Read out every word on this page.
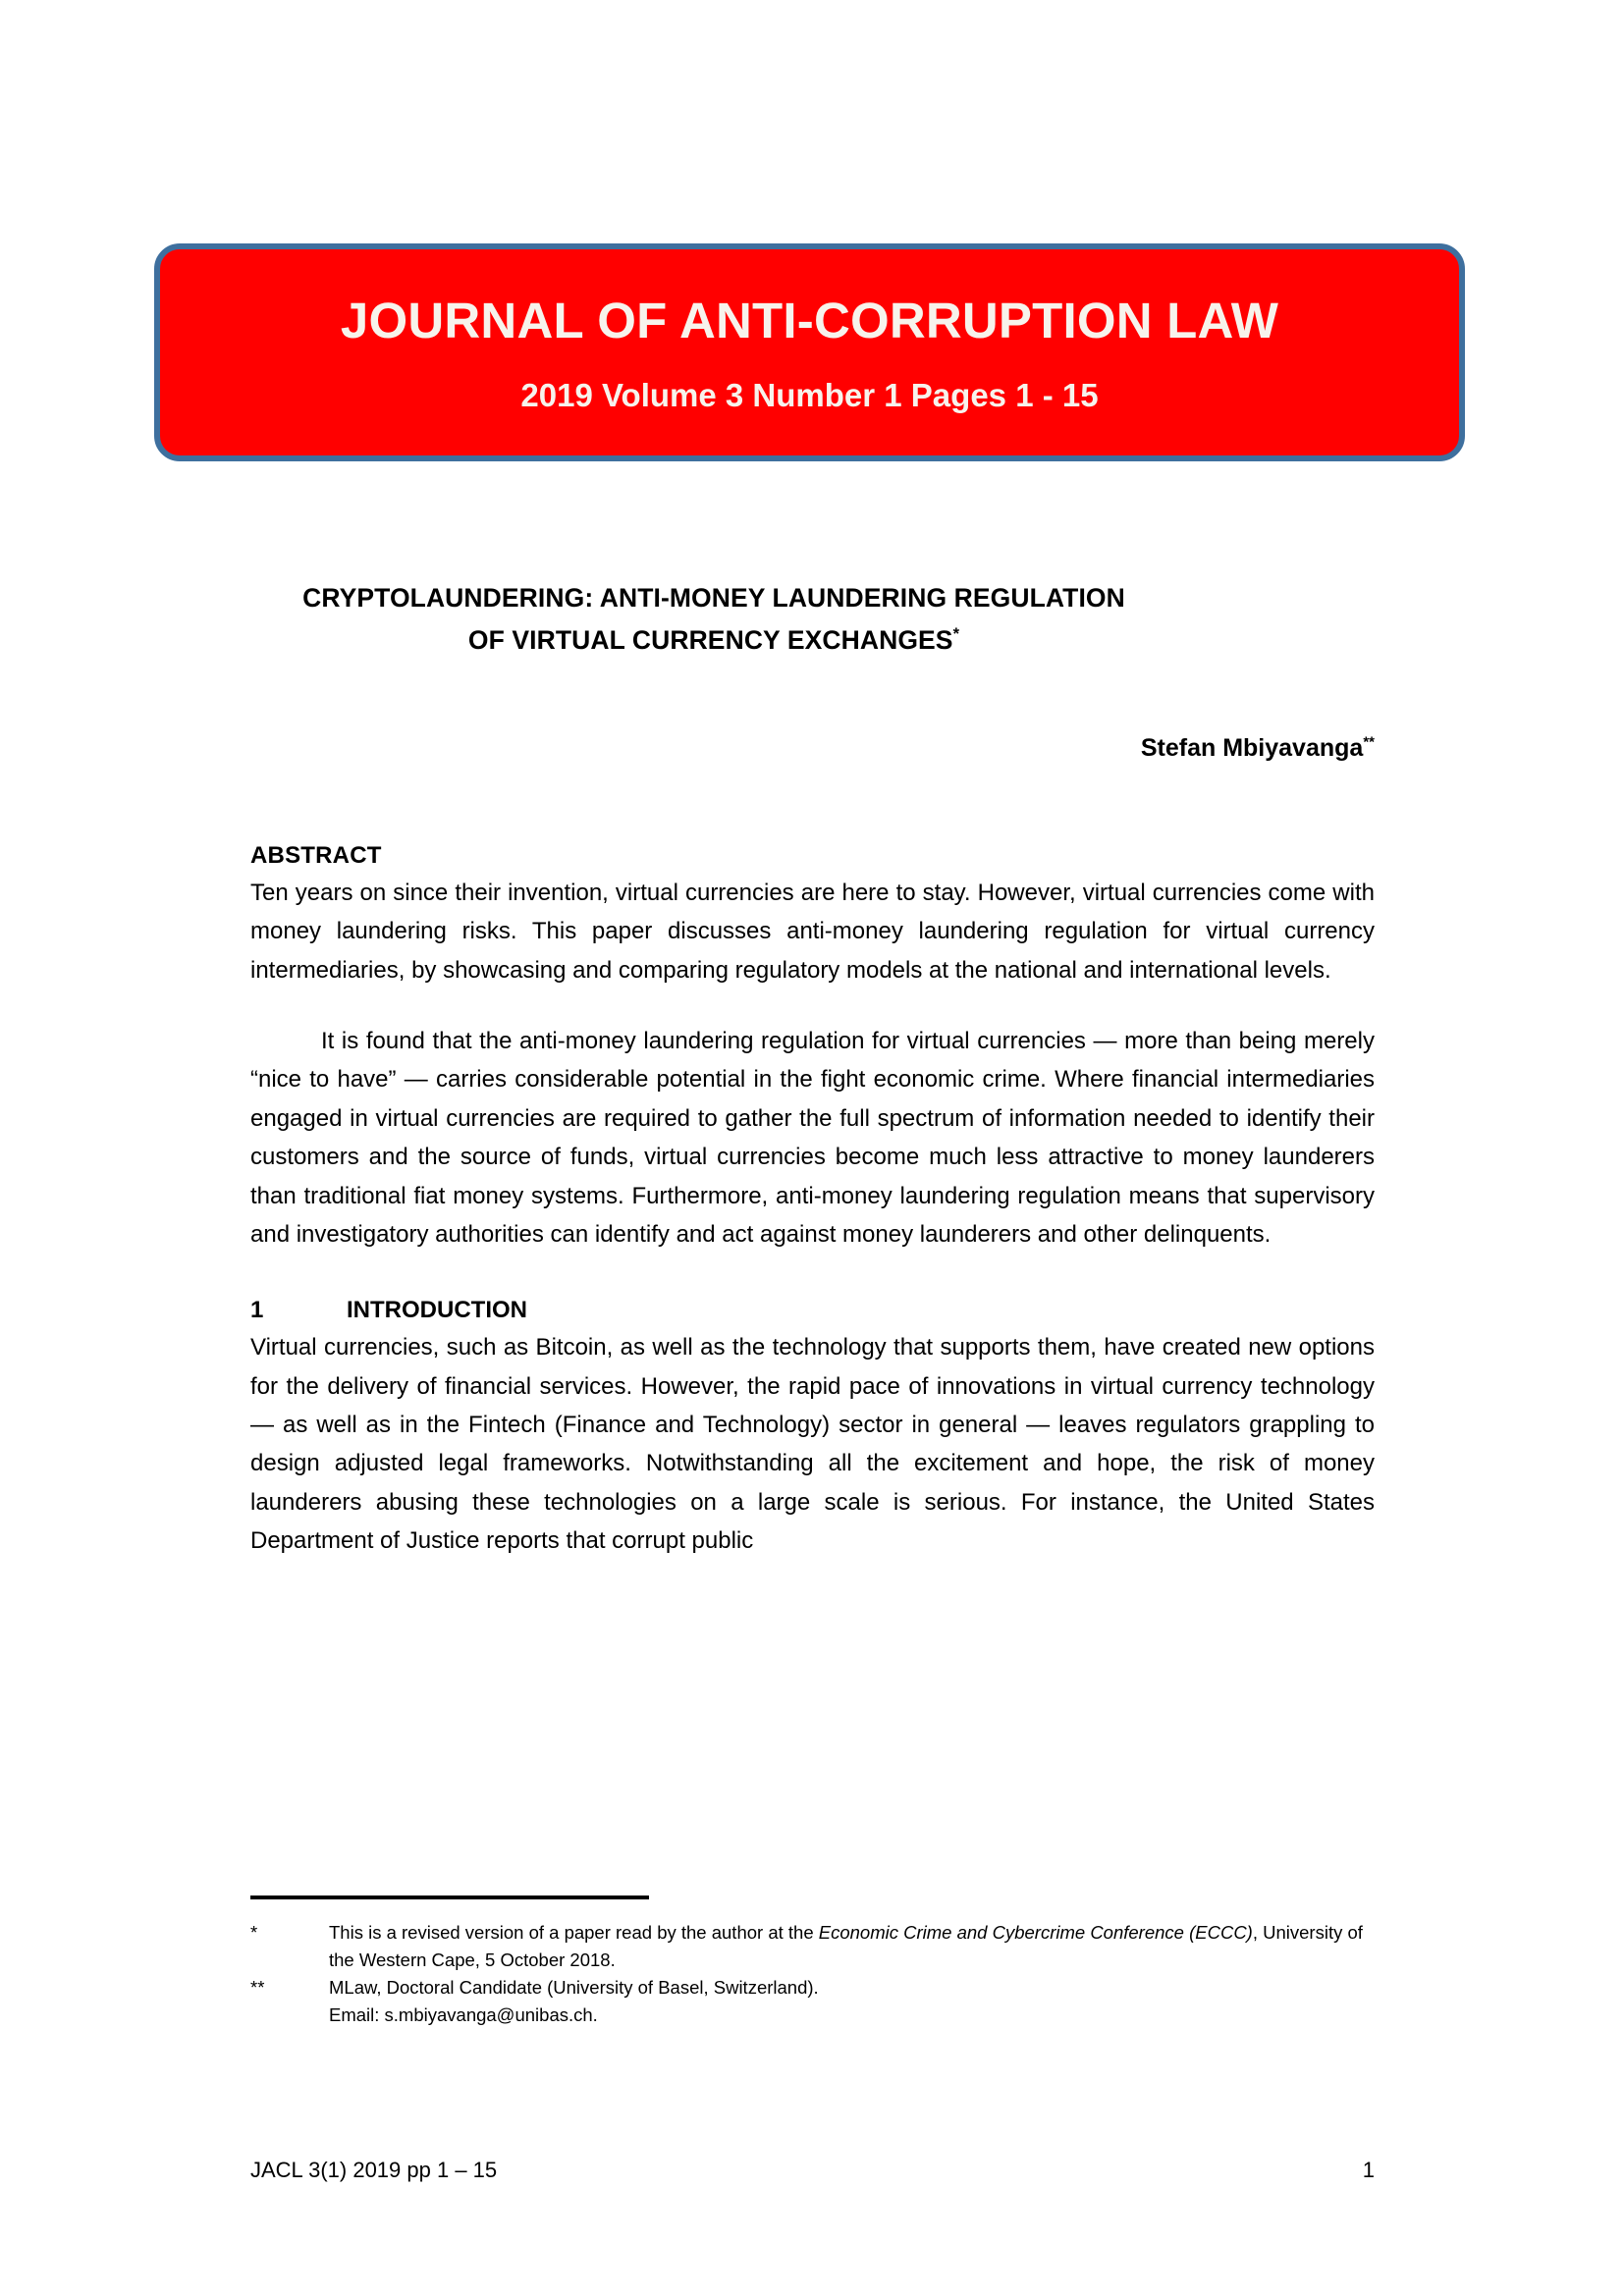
JOURNAL OF ANTI-CORRUPTION LAW
2019 Volume 3 Number 1 Pages 1 - 15
CRYPTOLAUNDERING: ANTI-MONEY LAUNDERING REGULATION
OF VIRTUAL CURRENCY EXCHANGES*
Stefan Mbiyavanga**
ABSTRACT

Ten years on since their invention, virtual currencies are here to stay. However, virtual currencies come with money laundering risks. This paper discusses anti-money laundering regulation for virtual currency intermediaries, by showcasing and comparing regulatory models at the national and international levels.

It is found that the anti-money laundering regulation for virtual currencies — more than being merely “nice to have” — carries considerable potential in the fight economic crime. Where financial intermediaries engaged in virtual currencies are required to gather the full spectrum of information needed to identify their customers and the source of funds, virtual currencies become much less attractive to money launderers than traditional fiat money systems. Furthermore, anti-money laundering regulation means that supervisory and investigatory authorities can identify and act against money launderers and other delinquents.

1	INTRODUCTION

Virtual currencies, such as Bitcoin, as well as the technology that supports them, have created new options for the delivery of financial services. However, the rapid pace of innovations in virtual currency technology — as well as in the Fintech (Finance and Technology) sector in general — leaves regulators grappling to design adjusted legal frameworks. Notwithstanding all the excitement and hope, the risk of money launderers abusing these technologies on a large scale is serious. For instance, the United States Department of Justice reports that corrupt public

*	This is a revised version of a paper read by the author at the Economic Crime and Cybercrime Conference (ECCC), University of the Western Cape, 5 October 2018.
**	MLaw, Doctoral Candidate (University of Basel, Switzerland).
Email: s.mbiyavanga@unibas.ch.
JACL 3(1) 2019 pp 1 – 15	1
